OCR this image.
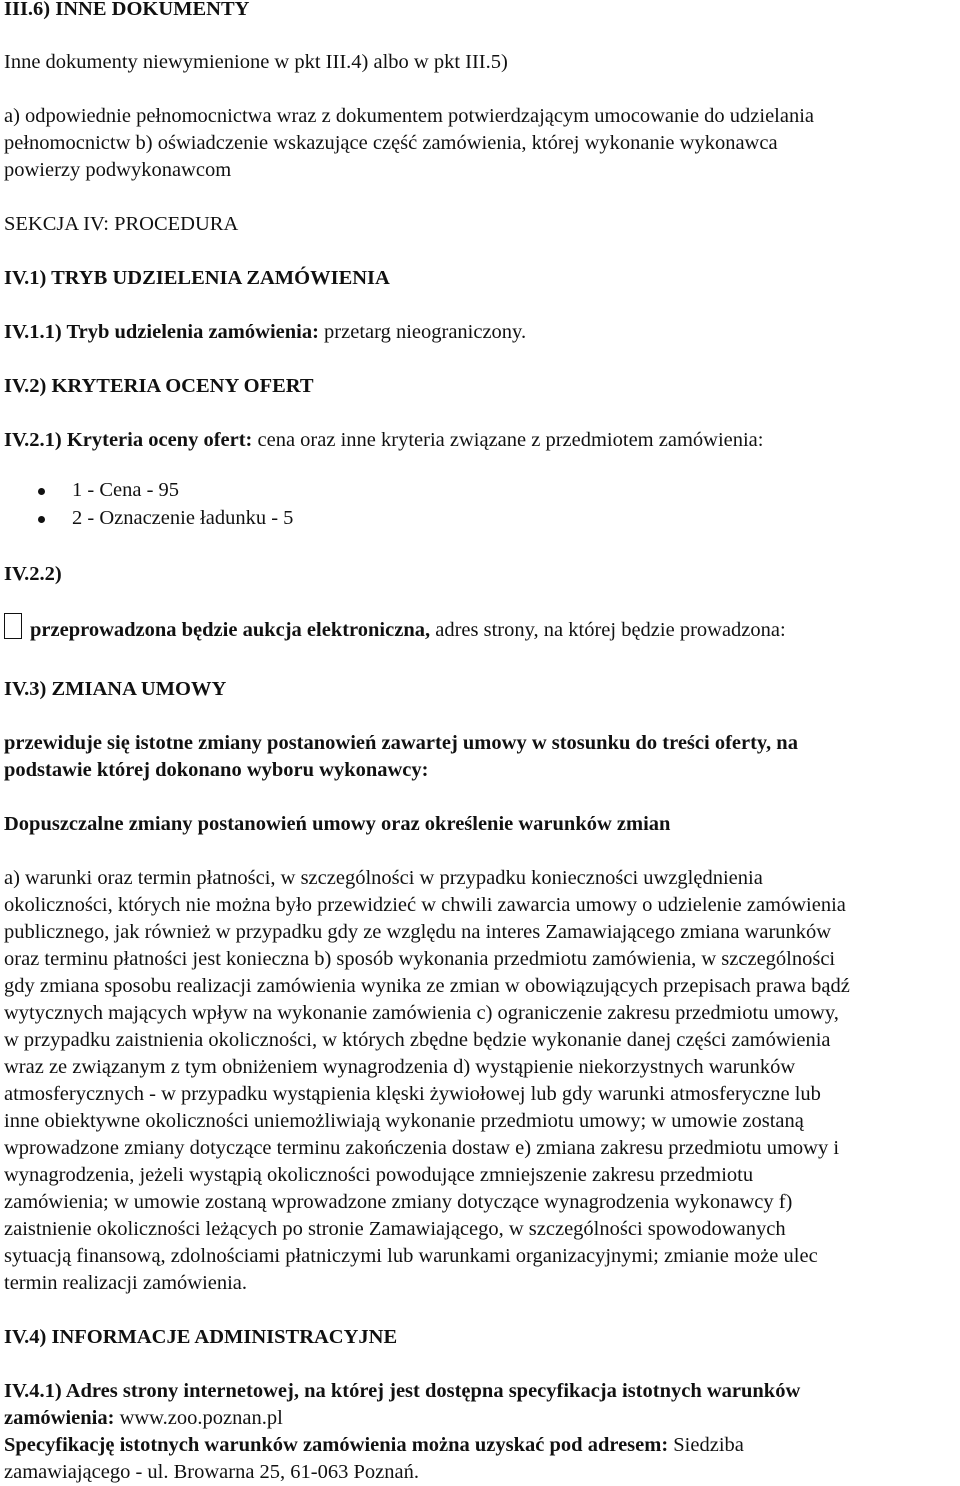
III.6) INNE DOKUMENTY
Inne dokumenty niewymienione w pkt III.4) albo w pkt III.5)
a) odpowiednie pełnomocnictwa wraz z dokumentem potwierdzającym umocowanie do udzielania
pełnomocnictw b) oświadczenie wskazujące część zamówienia, której wykonanie wykonawca
powierzy podwykonawcom
SEKCJA IV: PROCEDURA
IV.1) TRYB UDZIELENIA ZAMÓWIENIA
IV.1.1) Tryb udzielenia zamówienia: przetarg nieograniczony.
IV.2) KRYTERIA OCENY OFERT
IV.2.1) Kryteria oceny ofert: cena oraz inne kryteria związane z przedmiotem zamówienia:
1 - Cena - 95
2 - Oznaczenie ładunku - 5
IV.2.2)
przeprowadzona będzie aukcja elektroniczna, adres strony, na której będzie prowadzona:
IV.3) ZMIANA UMOWY
przewiduje się istotne zmiany postanowień zawartej umowy w stosunku do treści oferty, na
podstawie której dokonano wyboru wykonawcy:
Dopuszczalne zmiany postanowień umowy oraz określenie warunków zmian
a) warunki oraz termin płatności, w szczególności w przypadku konieczności uwzględnienia
okoliczności, których nie można było przewidzieć w chwili zawarcia umowy o udzielenie zamówienia
publicznego, jak również w przypadku gdy ze względu na interes Zamawiającego zmiana warunków
oraz terminu płatności jest konieczna b) sposób wykonania przedmiotu zamówienia, w szczególności
gdy zmiana sposobu realizacji zamówienia wynika ze zmian w obowiązujących przepisach prawa bądź
wytycznych mających wpływ na wykonanie zamówienia c) ograniczenie zakresu przedmiotu umowy,
w przypadku zaistnienia okoliczności, w których zbędne będzie wykonanie danej części zamówienia
wraz ze związanym z tym obniżeniem wynagrodzenia d) wystąpienie niekorzystnych warunków
atmosferycznych - w przypadku wystąpienia klęski żywiołowej lub gdy warunki atmosferyczne lub
inne obiektywne okoliczności uniemożliwiają wykonanie przedmiotu umowy; w umowie zostaną
wprowadzone zmiany dotyczące terminu zakończenia dostaw e) zmiana zakresu przedmiotu umowy i
wynagrodzenia, jeżeli wystąpią okoliczności powodujące zmniejszenie zakresu przedmiotu
zamówienia; w umowie zostaną wprowadzone zmiany dotyczące wynagrodzenia wykonawcy f)
zaistnienie okoliczności leżących po stronie Zamawiającego, w szczególności spowodowanych
sytuacją finansową, zdolnościami płatniczymi lub warunkami organizacyjnymi; zmianie może ulec
termin realizacji zamówienia.
IV.4) INFORMACJE ADMINISTRACYJNE
IV.4.1) Adres strony internetowej, na której jest dostępna specyfikacja istotnych warunków
zamówienia: www.zoo.poznan.pl
Specyfikację istotnych warunków zamówienia można uzyskać pod adresem: Siedziba
zamawiającego - ul. Browarna 25, 61-063 Poznań.
